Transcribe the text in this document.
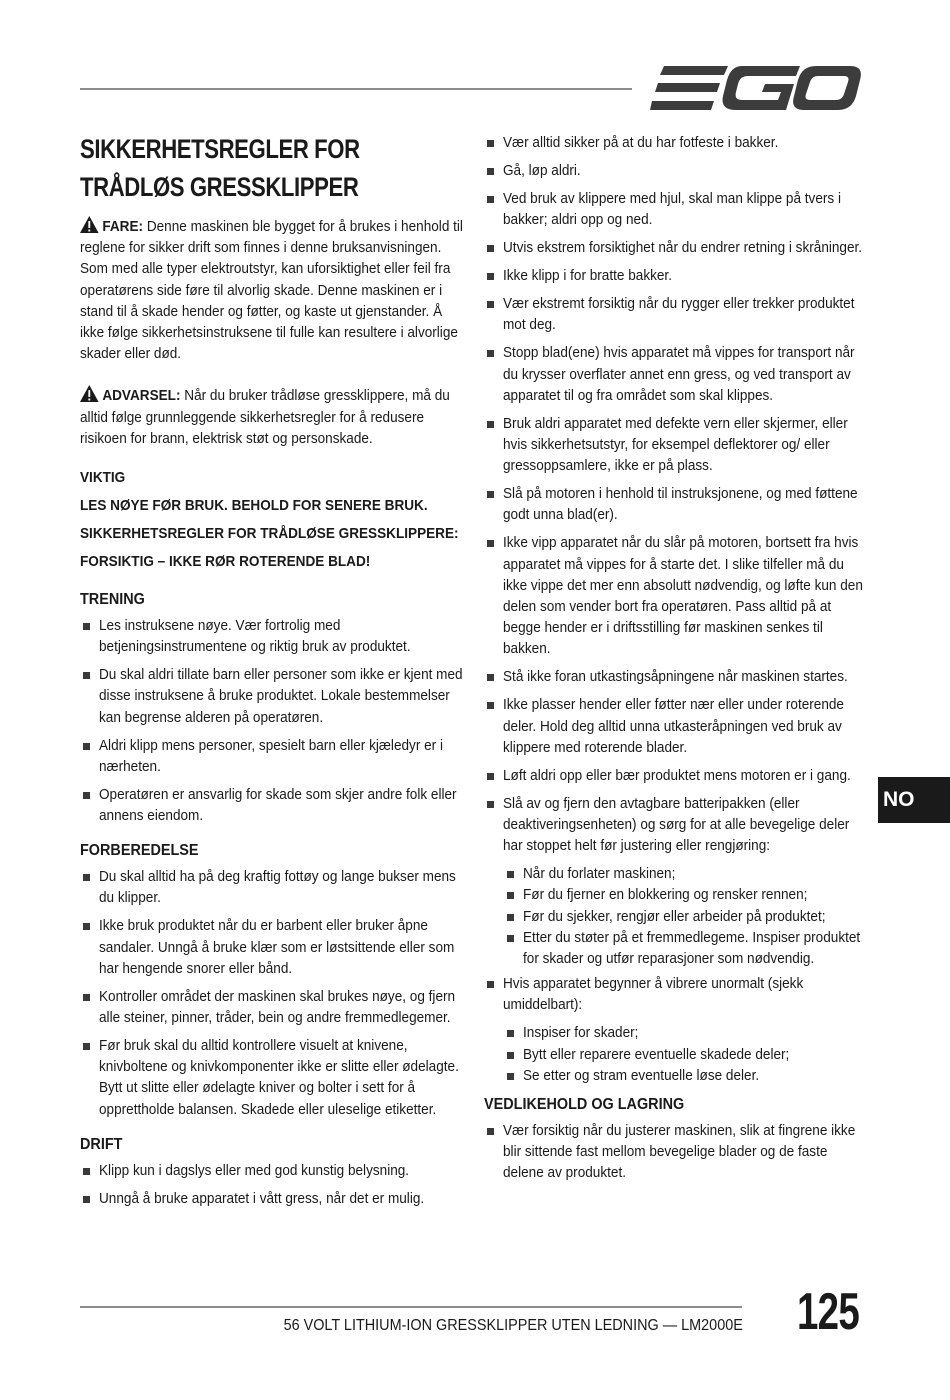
SIKKERHETSREGLER FOR TRÅDLØS GRESSKLIPPER

FARE: Denne maskinen ble bygget for å brukes i henhold til reglene for sikker drift som finnes i denne bruksanvisningen. Som med alle typer elektroutstyr, kan uforsiktighet eller feil fra operatørens side føre til alvorlig skade. Denne maskinen er i stand til å skade hender og føtter, og kaste ut gjenstander. Å ikke følge sikkerhetsinstruksene til fulle kan resultere i alvorlige skader eller død.

ADVARSEL: Når du bruker trådløse gressklippere, må du alltid følge grunnleggende sikkerhetsregler for å redusere risikoen for brann, elektrisk støt og personskade.

VIKTIG
LES NØYE FØR BRUK. BEHOLD FOR SENERE BRUK.
SIKKERHETSREGLER FOR TRÅDLØSE GRESSKLIPPERE:
FORSIKTIG – IKKE RØR ROTERENDE BLAD!
TRENING
Les instruksene nøye. Vær fortrolig med betjeningsinstrumentene og riktig bruk av produktet.
Du skal aldri tillate barn eller personer som ikke er kjent med disse instruksene å bruke produktet. Lokale bestemmelser kan begrense alderen på operatøren.
Aldri klipp mens personer, spesielt barn eller kjæledyr er i nærheten.
Operatøren er ansvarlig for skade som skjer andre folk eller annens eiendom.
FORBEREDELSE
Du skal alltid ha på deg kraftig fottøy og lange bukser mens du klipper.
Ikke bruk produktet når du er barbent eller bruker åpne sandaler. Unngå å bruke klær som er løstsittende eller som har hengende snorer eller bånd.
Kontroller området der maskinen skal brukes nøye, og fjern alle steiner, pinner, tråder, bein og andre fremmedlegemer.
Før bruk skal du alltid kontrollere visuelt at knivene, knivboltene og knivkomponenter ikke er slitte eller ødelagte. Bytt ut slitte eller ødelagte kniver og bolter i sett for å opprettholde balansen. Skadede eller uleselige etiketter.
DRIFT
Klipp kun i dagslys eller med god kunstig belysning.
Unngå å bruke apparatet i vått gress, når det er mulig.
Vær alltid sikker på at du har fotfeste i bakker.
Gå, løp aldri.
Ved bruk av klippere med hjul, skal man klippe på tvers i bakker; aldri opp og ned.
Utvis ekstrem forsiktighet når du endrer retning i skråninger.
Ikke klipp i for bratte bakker.
Vær ekstremt forsiktig når du rygger eller trekker produktet mot deg.
Stopp blad(ene) hvis apparatet må vippes for transport når du krysser overflater annet enn gress, og ved transport av apparatet til og fra området som skal klippes.
Bruk aldri apparatet med defekte vern eller skjermer, eller hvis sikkerhetsutstyr, for eksempel deflektorer og/ eller gressoppsamlere, ikke er på plass.
Slå på motoren i henhold til instruksjonene, og med føttene godt unna blad(er).
Ikke vipp apparatet når du slår på motoren, bortsett fra hvis apparatet må vippes for å starte det. I slike tilfeller må du ikke vippe det mer enn absolutt nødvendig, og løfte kun den delen som vender bort fra operatøren. Pass alltid på at begge hender er i driftsstilling før maskinen senkes til bakken.
Stå ikke foran utkastingsåpningene når maskinen startes.
Ikke plasser hender eller føtter nær eller under roterende deler. Hold deg alltid unna utkasteråpningen ved bruk av klippere med roterende blader.
Løft aldri opp eller bær produktet mens motoren er i gang.
Slå av og fjern den avtagbare batteripakken (eller deaktiveringsenheten) og sørg for at alle bevegelige deler har stoppet helt før justering eller rengjøring:
Når du forlater maskinen;
Før du fjerner en blokkering og rensker rennen;
Før du sjekker, rengjør eller arbeider på produktet;
Etter du støter på et fremmedlegeme. Inspiser produktet for skader og utfør reparasjoner som nødvendig.
Hvis apparatet begynner å vibrere unormalt (sjekk umiddelbart):
Inspiser for skader;
Bytt eller reparere eventuelle skadede deler;
Se etter og stram eventuelle løse deler.
VEDLIKEHOLD OG LAGRING
Vær forsiktig når du justerer maskinen, slik at fingrene ikke blir sittende fast mellom bevegelige blader og de faste delene av produktet.
NO
56 VOLT LITHIUM-ION GRESSKLIPPER UTEN LEDNING — LM2000E 125
